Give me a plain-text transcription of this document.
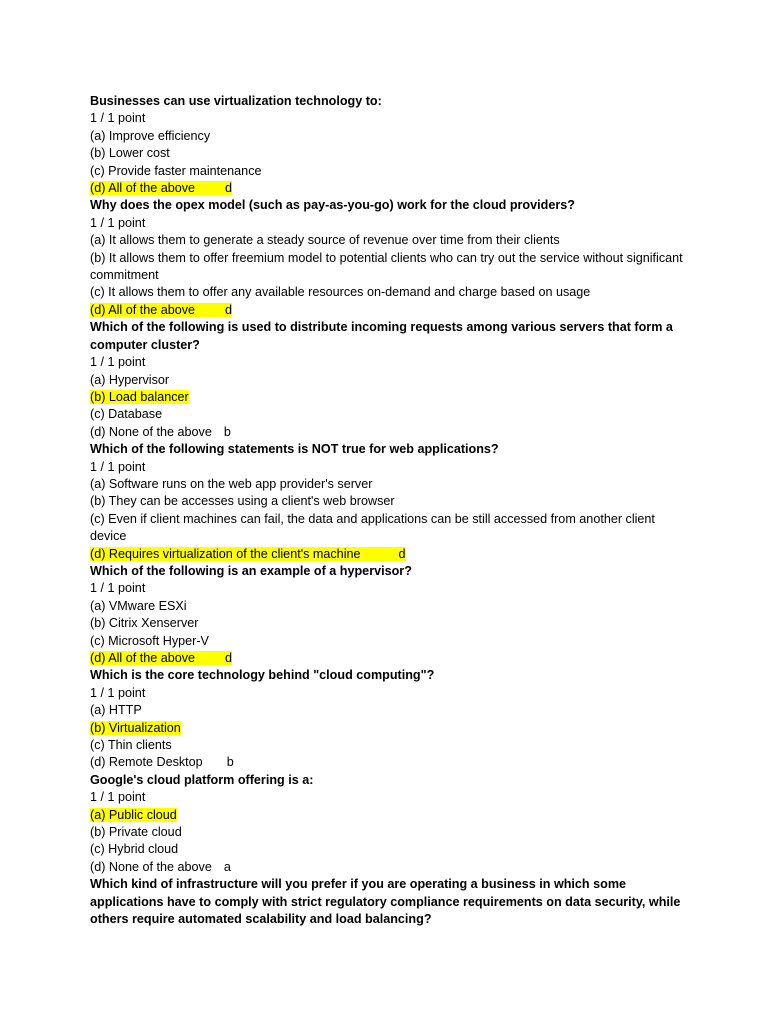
Businesses can use virtualization technology to:
1 / 1 point
(a) Improve efficiency
(b) Lower cost
(c) Provide faster maintenance
(d) All of the above d
Why does the opex model (such as pay-as-you-go) work for the cloud providers?
1 / 1 point
(a) It allows them to generate a steady source of revenue over time from their clients
(b) It allows them to offer freemium model to potential clients who can try out the service without significant commitment
(c) It allows them to offer any available resources on-demand and charge based on usage
(d) All of the above d
Which of the following is used to distribute incoming requests among various servers that form a computer cluster?
1 / 1 point
(a) Hypervisor
(b) Load balancer
(c) Database
(d) None of the above b
Which of the following statements is NOT true for web applications?
1 / 1 point
(a) Software runs on the web app provider's server
(b) They can be accesses using a client's web browser
(c) Even if client machines can fail, the data and applications can be still accessed from another client device
(d) Requires virtualization of the client's machine	d
Which of the following is an example of a hypervisor?
1 / 1 point
(a) VMware ESXi
(b) Citrix Xenserver
(c) Microsoft Hyper-V
(d) All of the above d
Which is the core technology behind "cloud computing"?
1 / 1 point
(a) HTTP
(b) Virtualization
(c) Thin clients
(d) Remote Desktop b
Google's cloud platform offering is a:
1 / 1 point
(a) Public cloud
(b) Private cloud
(c) Hybrid cloud
(d) None of the above a
Which kind of infrastructure will you prefer if you are operating a business in which some applications have to comply with strict regulatory compliance requirements on data security, while others require automated scalability and load balancing?
